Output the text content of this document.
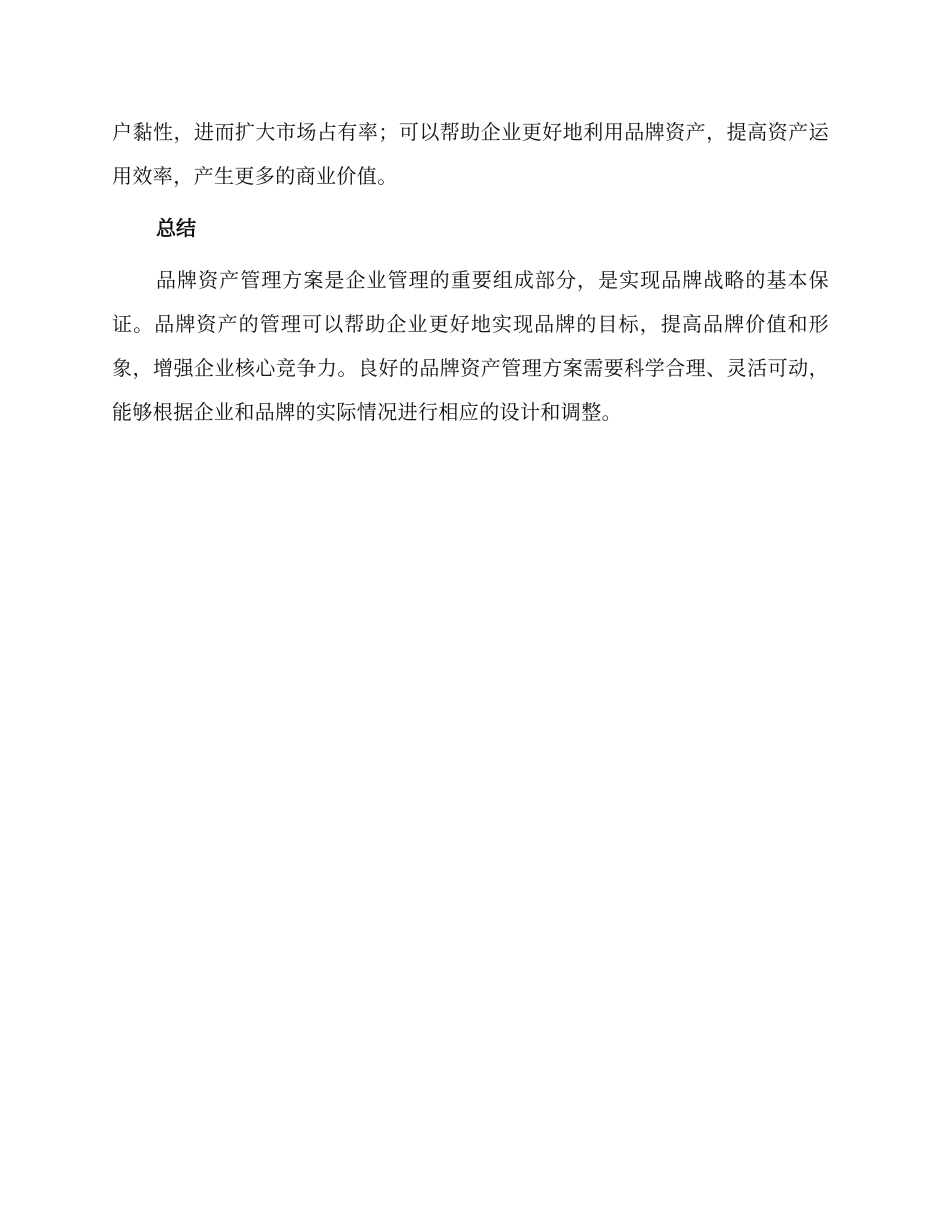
户黏性，进而扩大市场占有率；可以帮助企业更好地利用品牌资产，提高资产运用效率，产生更多的商业价值。

总结

品牌资产管理方案是企业管理的重要组成部分，是实现品牌战略的基本保证。品牌资产的管理可以帮助企业更好地实现品牌的目标，提高品牌价值和形象，增强企业核心竞争力。良好的品牌资产管理方案需要科学合理、灵活可动，能够根据企业和品牌的实际情况进行相应的设计和调整。
